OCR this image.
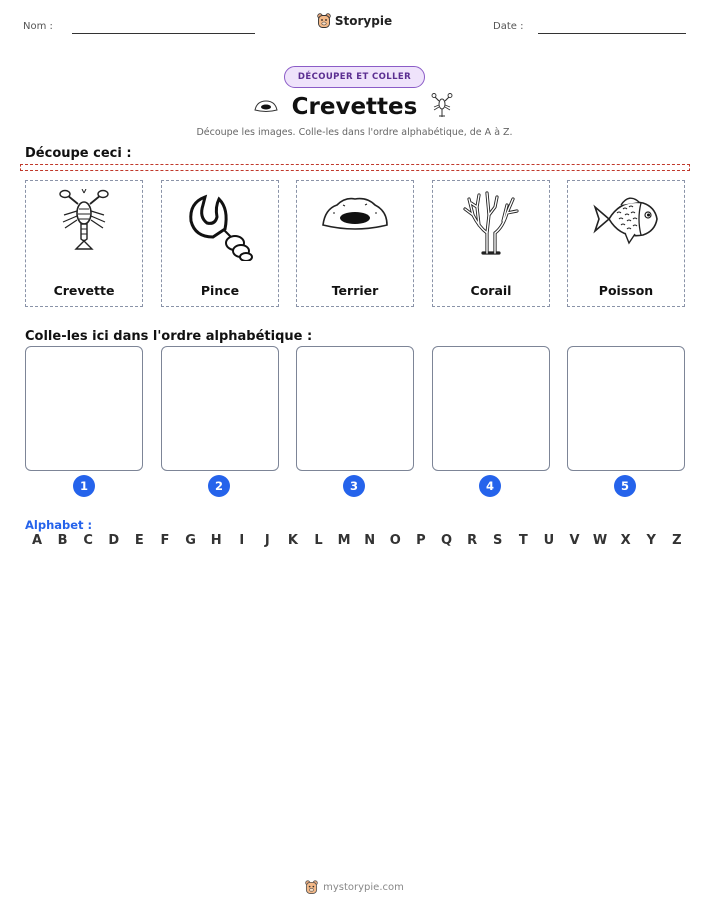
Nom :	Date :
Storypie
DÉCOUPER ET COLLER
Crevettes
Découpe les images. Colle-les dans l'ordre alphabétique, de A à Z.
Découpe ceci :
Crevette	Pince	Terrier	Corail	Poisson
Colle-les ici dans l'ordre alphabétique :
1	2	3	4	5
Alphabet :
A	B	C	D	E	F	G	H	I	J	K	L	M	N	O	P	Q	R	S	T	U	V	W	X	Y	Z
mystorypie.com
